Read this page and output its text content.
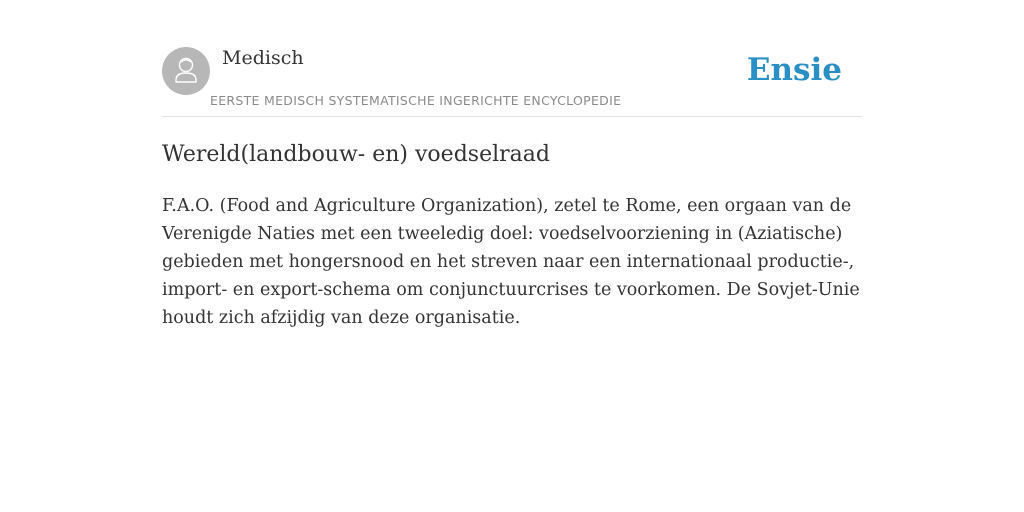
Medisch
EERSTE MEDISCH SYSTEMATISCHE INGERICHTE ENCYCLOPEDIE
Ensie
Wereld(landbouw- en) voedselraad
F.A.O. (Food and Agriculture Organization), zetel te Rome, een orgaan van de
Verenigde Naties met een tweeledig doel: voedselvoorziening in (Aziatische)
gebieden met hongersnood en het streven naar een internationaal productie-,
import- en export-schema om conjunctuurcrises te voorkomen. De Sovjet-Unie
houdt zich afzijdig van deze organisatie.
